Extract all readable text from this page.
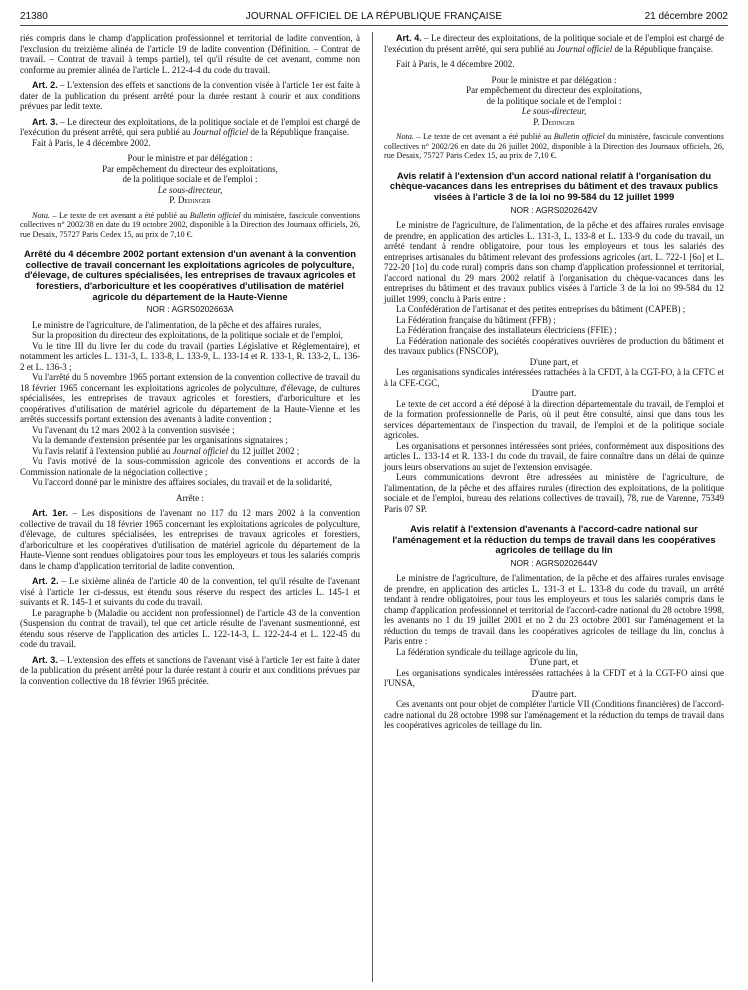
21380	JOURNAL OFFICIEL DE LA RÉPUBLIQUE FRANÇAISE	21 décembre 2002

riés compris dans le champ d'application professionnel et territorial de ladite convention, à l'exclusion du treizième alinéa de l'article 19 de ladite convention (Définition. – Contrat de travail. – Contrat de travail à temps partiel), tel qu'il résulte de cet avenant, comme non conforme au premier alinéa de l'article L. 212-4-4 du code du travail.

Art. 2. – L'extension des effets et sanctions de la convention visée à l'article 1er est faite à dater de la publication du présent arrêté pour la durée restant à courir et aux conditions prévues par ledit texte.

Art. 3. – Le directeur des exploitations, de la politique sociale et de l'emploi est chargé de l'exécution du présent arrêté, qui sera publié au Journal officiel de la République française.

Fait à Paris, le 4 décembre 2002.

Pour le ministre et par délégation :

Par empêchement du directeur des exploitations,

de la politique sociale et de l'emploi :

Le sous-directeur,

P. Dedinger

Nota. – Le texte de cet avenant a été publié au Bulletin officiel du ministère, fascicule conventions collectives n° 2002/38 en date du 19 octobre 2002, disponible à la Direction des Journaux officiels, 26, rue Desaix, 75727 Paris Cedex 15, au prix de 7,10 €.

Arrêté du 4 décembre 2002 portant extension d'un avenant à la convention collective de travail concernant les exploitations agricoles de polyculture, d'élevage, de cultures spécialisées, les entreprises de travaux agricoles et forestiers, d'arboriculture et les coopératives d'utilisation de matériel agricole du département de la Haute-Vienne

NOR : AGRS0202663A

Le ministre de l'agriculture, de l'alimentation, de la pêche et des affaires rurales,

Sur la proposition du directeur des exploitations, de la politique sociale et de l'emploi,

Vu le titre III du livre Ier du code du travail (parties Législative et Réglementaire), et notamment les articles L. 131-3, L. 133-8, L. 133-9, L. 133-14 et R. 133-1, R. 133-2, L. 136-2 et L. 136-3 ;

Vu l'arrêté du 5 novembre 1965 portant extension de la convention collective de travail du 18 février 1965 concernant les exploitations agricoles de polyculture, d'élevage, de cultures spécialisées, les entreprises de travaux agricoles et forestiers, d'arboriculture et les coopératives d'utilisation de matériel agricole du département de la Haute-Vienne et les arrêtés successifs portant extension des avenants à ladite convention ;

Vu l'avenant du 12 mars 2002 à la convention susvisée ;

Vu la demande d'extension présentée par les organisations signataires ;

Vu l'avis relatif à l'extension publié au Journal officiel du 12 juillet 2002 ;

Vu l'avis motivé de la sous-commission agricole des conventions et accords de la Commission nationale de la négociation collective ;

Vu l'accord donné par le ministre des affaires sociales, du travail et de la solidarité,

Arrête :

Art. 1er. – Les dispositions de l'avenant no 117 du 12 mars 2002 à la convention collective de travail du 18 février 1965 concernant les exploitations agricoles de polyculture, d'élevage, de cultures spécialisées, les entreprises de travaux agricoles et forestiers, d'arboriculture et les coopératives d'utilisation de matériel agricole du département de la Haute-Vienne sont rendues obligatoires pour tous les employeurs et tous les salariés compris dans le champ d'application territorial de ladite convention.

Art. 2. – Le sixième alinéa de l'article 40 de la convention, tel qu'il résulte de l'avenant visé à l'article 1er ci-dessus, est étendu sous réserve du respect des articles L. 145-1 et suivants et R. 145-1 et suivants du code du travail.

Le paragraphe b (Maladie ou accident non professionnel) de l'article 43 de la convention (Suspension du contrat de travail), tel que cet article résulte de l'avenant susmentionné, est étendu sous réserve de l'application des articles L. 122-14-3, L. 122-24-4 et L. 122-45 du code du travail.

Art. 3. – L'extension des effets et sanctions de l'avenant visé à l'article 1er est faite à dater de la publication du présent arrêté pour la durée restant à courir et aux conditions prévues par la convention collective du 18 février 1965 précitée.

Art. 4. – Le directeur des exploitations, de la politique sociale et de l'emploi est chargé de l'exécution du présent arrêté, qui sera publié au Journal officiel de la République française.

Fait à Paris, le 4 décembre 2002.

Pour le ministre et par délégation :

Par empêchement du directeur des exploitations,

de la politique sociale et de l'emploi :

Le sous-directeur,

P. Dedinger

Nota. – Le texte de cet avenant a été publié au Bulletin officiel du ministère, fascicule conventions collectives n° 2002/26 en date du 26 juillet 2002, disponible à la Direction des Journaux officiels, 26, rue Desaix, 75727 Paris Cedex 15, au prix de 7,10 €.

Avis relatif à l'extension d'un accord national relatif à l'organisation du chèque-vacances dans les entreprises du bâtiment et des travaux publics visées à l'article 3 de la loi no 99-584 du 12 juillet 1999

NOR : AGRS0202642V

Le ministre de l'agriculture, de l'alimentation, de la pêche et des affaires rurales envisage de prendre, en application des articles L. 131-3, L. 133-8 et L. 133-9 du code du travail, un arrêté tendant à rendre obligatoire, pour tous les employeurs et tous les salariés des entreprises artisanales du bâtiment relevant des professions agricoles (art. L. 722-1 [6o] et L. 722-20 [1o] du code rural) compris dans son champ d'application professionnel et territorial, l'accord national du 29 mars 2002 relatif à l'organisation du chèque-vacances dans les entreprises du bâtiment et des travaux publics visées à l'article 3 de la loi no 99-584 du 12 juillet 1999, conclu à Paris entre :

La Confédération de l'artisanat et des petites entreprises du bâtiment (CAPEB) ;

La Fédération française du bâtiment (FFB) ;

La Fédération française des installateurs électriciens (FFIE) ;

La Fédération nationale des sociétés coopératives ouvrières de production du bâtiment et des travaux publics (FNSCOP),

D'une part, et

Les organisations syndicales intéressées rattachées à la CFDT, à la CGT-FO, à la CFTC et à la CFE-CGC,

D'autre part.

Le texte de cet accord a été déposé à la direction départementale du travail, de l'emploi et de la formation professionnelle de Paris, où il peut être consulté, ainsi que dans tous les services départementaux de l'inspection du travail, de l'emploi et de la politique sociale agricoles.

Les organisations et personnes intéressées sont priées, conformément aux dispositions des articles L. 133-14 et R. 133-1 du code du travail, de faire connaître dans un délai de quinze jours leurs observations au sujet de l'extension envisagée.

Leurs communications devront être adressées au ministère de l'agriculture, de l'alimentation, de la pêche et des affaires rurales (direction des exploitations, de la politique sociale et de l'emploi, bureau des relations collectives de travail), 78, rue de Varenne, 75349 Paris 07 SP.

Avis relatif à l'extension d'avenants à l'accord-cadre national sur l'aménagement et la réduction du temps de travail dans les coopératives agricoles de teillage du lin

NOR : AGRS0202644V

Le ministre de l'agriculture, de l'alimentation, de la pêche et des affaires rurales envisage de prendre, en application des articles L. 131-3 et L. 133-8 du code du travail, un arrêté tendant à rendre obligatoires, pour tous les employeurs et tous les salariés compris dans le champ d'application professionnel et territorial de l'accord-cadre national du 28 octobre 1998, les avenants no 1 du 19 juillet 2001 et no 2 du 23 octobre 2001 sur l'aménagement et la réduction du temps de travail dans les coopératives agricoles de teillage du lin, conclus à Paris entre :

La fédération syndicale du teillage agricole du lin,

D'une part, et

Les organisations syndicales intéressées rattachées à la CFDT et à la CGT-FO ainsi que l'UNSA,

D'autre part.

Ces avenants ont pour objet de compléter l'article VII (Conditions financières) de l'accord-cadre national du 28 octobre 1998 sur l'aménagement et la réduction du temps de travail dans les coopératives agricoles de teillage du lin.
